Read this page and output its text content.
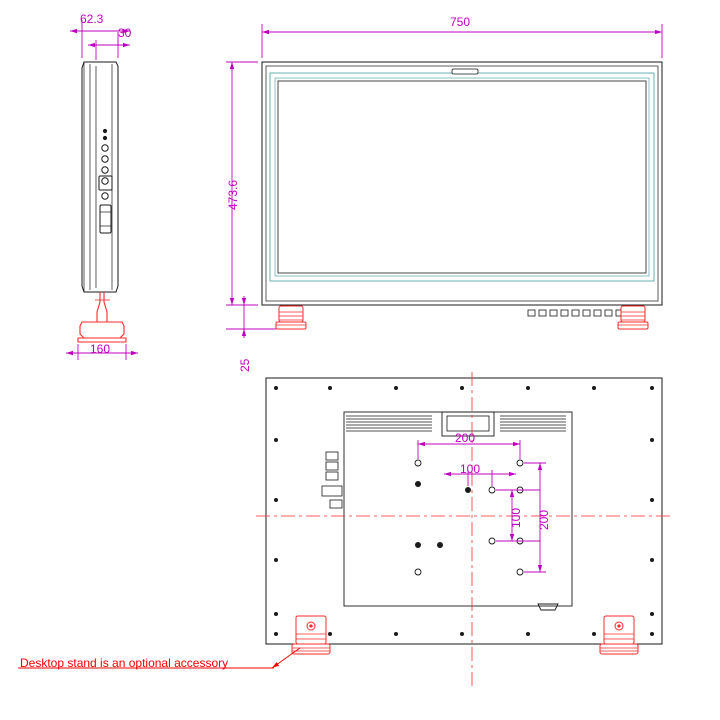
62.3
30
160
750
473.6
25
200
100
100 200
Desktop stand is an optional accessory
